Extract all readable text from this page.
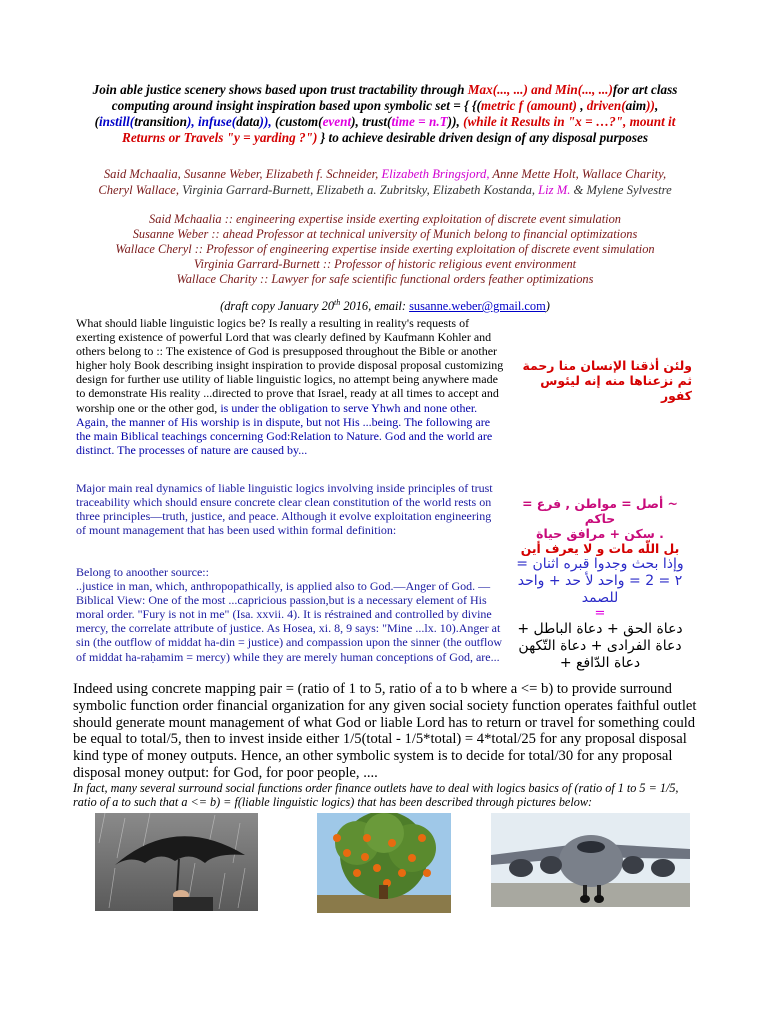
Join able justice scenery shows based upon trust tractability through Max(..., ...) and Min(..., ...)for art class computing around insight inspiration based upon symbolic set = { {(metric f (amount) , driven(aim)), (instill(transition), infuse(data)), (custom(event), trust(time = n.T)), (while it Results in "x = …?", mount it Returns or Travels "y = yarding ?") } to achieve desirable driven design of any disposal purposes
Said Mchaalia, Susanne Weber, Elizabeth f. Schneider, Elizabeth Bringsjord, Anne Mette Holt, Wallace Charity,
Cheryl Wallace, Virginia Garrard-Burnett, Elizabeth a. Zubritsky, Elizabeth Kostanda, Liz M. & Mylene Sylvestre
Said Mchaalia :: engineering expertise inside exerting exploitation of discrete event simulation
Susanne Weber :: ahead Professor at technical university of Munich belong to financial optimizations
Wallace Cheryl :: Professor of engineering expertise inside exerting exploitation of discrete event simulation
Virginia Garrard-Burnett :: Professor of historic religious event environment
Wallace Charity :: Lawyer for safe scientific functional orders feather optimizations
(draft copy January 20th 2016, email: susanne.weber@gmail.com)
What should liable linguistic logics be? Is really a resulting in reality's requests of exerting existence of powerful Lord that was clearly defined by Kaufmann Kohler and others belong to :: The existence of God is presupposed throughout the Bible or another higher holy Book describing insight inspiration to provide disposal proposal customizing design for further use utility of liable linguistic logics, no attempt being anywhere made to demonstrate His reality ...directed to prove that Israel, ready at all times to accept and worship one or the other god, is under the obligation to serve Yhwh and none other. Again, the manner of His worship is in dispute, but not His ...being. The following are the main Biblical teachings concerning God:Relation to Nature. God and the world are distinct. The processes of nature are caused by...
Major main real dynamics of liable linguistic logics involving inside principles of trust traceability which should ensure concrete clear clean constitution of the world rests on three principles—truth, justice, and peace. Although it evolve exploitation engineering of mount management that has been used within formal definition:
Belong to anoother source::
..justice in man, which, anthropopathically, is applied also to God.—Anger of God. —Biblical View: One of the most ...capricious passion,but is a necessary element of His moral order. "Fury is not in me" (Isa. xxvii. 4). It is réstrained and controlled by divine mercy, the correlate attribute of justice. As Hosea, xi. 8, 9 says: "Mine ...lx. 10).Anger at sin (the outflow of middat ha-din = justice) and compassion upon the sinner (the outflow of middat ha-raḥamim = mercy) while they are merely human conceptions of God, are...
ولئن أذقنا الإنسان منا رحمة ثم نزعناها منه إنه ليئوس كفور
~ أصل = مواطن , فرع = حاكم
. سكن + مرافق حياة
بل اللّه مات و لا يعرف أين
وإذا بحث وجدوا قبره اثنان =
٢ = 2 = واحد لأ حد + واحد للصمد
=
دعاة الحق + دعاة الباطل +
دعاة الفرادى + دعاة التّكهن
دعاة الدّافع +
Indeed using concrete mapping pair = (ratio of 1 to 5, ratio of a to b where a <= b) to provide surround symbolic function order financial organization for any given social society function operates faithful outlet should generate mount management of what God or liable Lord has to return or travel for something could be equal to total/5, then to invest inside either 1/5(total - 1/5*total) = 4*total/25 for any proposal disposal kind type of money outputs. Hence, an other symbolic system is to decide for total/30 for any proposal disposal money output: for God, for poor people, ....
In fact, many several surround social functions order finance outlets have to deal with logics basics of (ratio of 1 to 5 = 1/5, ratio of a to such that a <= b) = f(liable linguistic logics) that has been described through pictures below:
